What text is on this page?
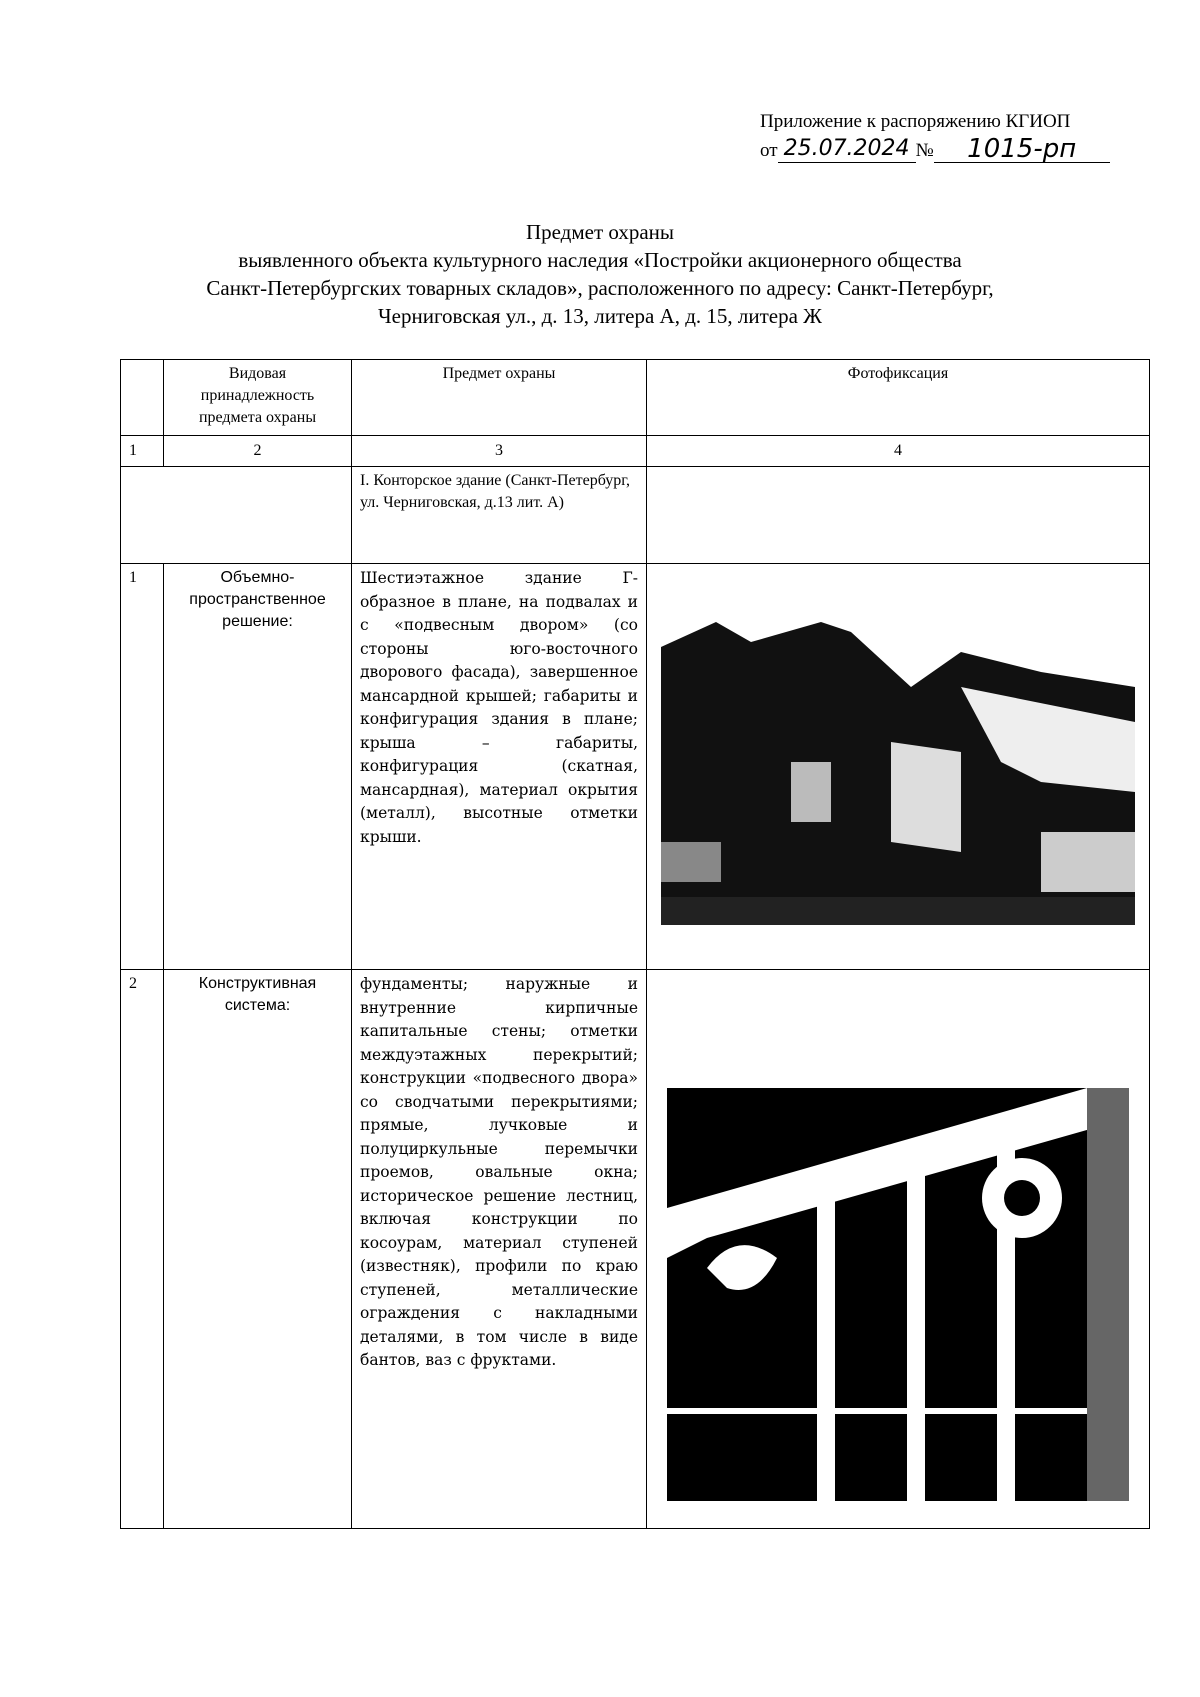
Приложение к распоряжению КГИОП
от 25.07.2024 №	1015-рп
Предмет охраны
выявленного объекта культурного наследия «Постройки акционерного общества
Санкт-Петербургских товарных складов», расположенного по адресу: Санкт-Петербург,
Черниговская ул., д. 13, литера А, д. 15, литера Ж
	Видовая принадлежность предмета охраны	Предмет охраны	Фотофиксация
1	2	3	4
		I. Конторское здание (Санкт-Петербург, ул. Черниговская, д.13 лит. А)	
1	Объемно-пространственное решение:	Шестиэтажное здание Г-образное в плане, на подвалах и с «подвесным двором» (со стороны юго-восточного дворового фасада), завершенное мансардной крышей; габариты и конфигурация здания в плане; крыша – габариты, конфигурация (скатная, мансардная), материал окрытия (металл), высотные отметки крыши.	

2	Конструктивная система:	фундаменты; наружные и внутренние кирпичные капитальные стены; отметки междуэтажных перекрытий; конструкции «подвесного двора» со сводчатыми перекрытиями; прямые, лучковые и полуциркульные перемычки проемов, овальные окна; историческое решение лестниц, включая конструкции по косоурам, материал ступеней (известняк), профили по краю ступеней, металлические ограждения с накладными деталями, в том числе в виде бантов, ваз с фруктами.	
